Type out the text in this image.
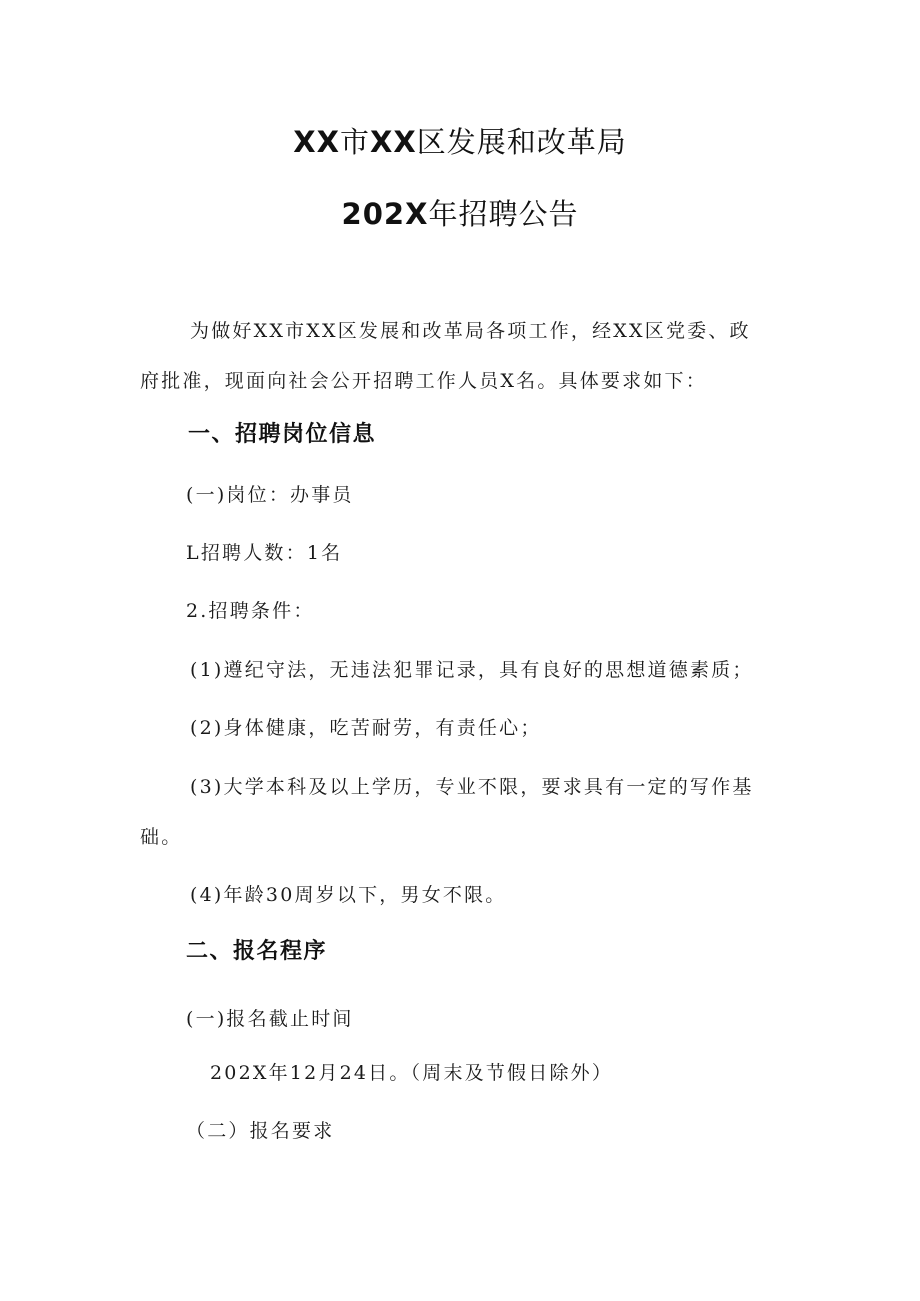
XX市XX区发展和改革局
202X年招聘公告
为做好XX市XX区发展和改革局各项工作，经XX区党委、政
府批准，现面向社会公开招聘工作人员X名。具体要求如下：
一、招聘岗位信息
(一)岗位：办事员
L招聘人数：1名
2.招聘条件：
(1)遵纪守法，无违法犯罪记录，具有良好的思想道德素质；
(2)身体健康，吃苦耐劳，有责任心；
(3)大学本科及以上学历，专业不限，要求具有一定的写作基
础。
(4)年龄30周岁以下，男女不限。
二、报名程序
(一)报名截止时间
202X年12月24日。（周末及节假日除外）
（二）报名要求
